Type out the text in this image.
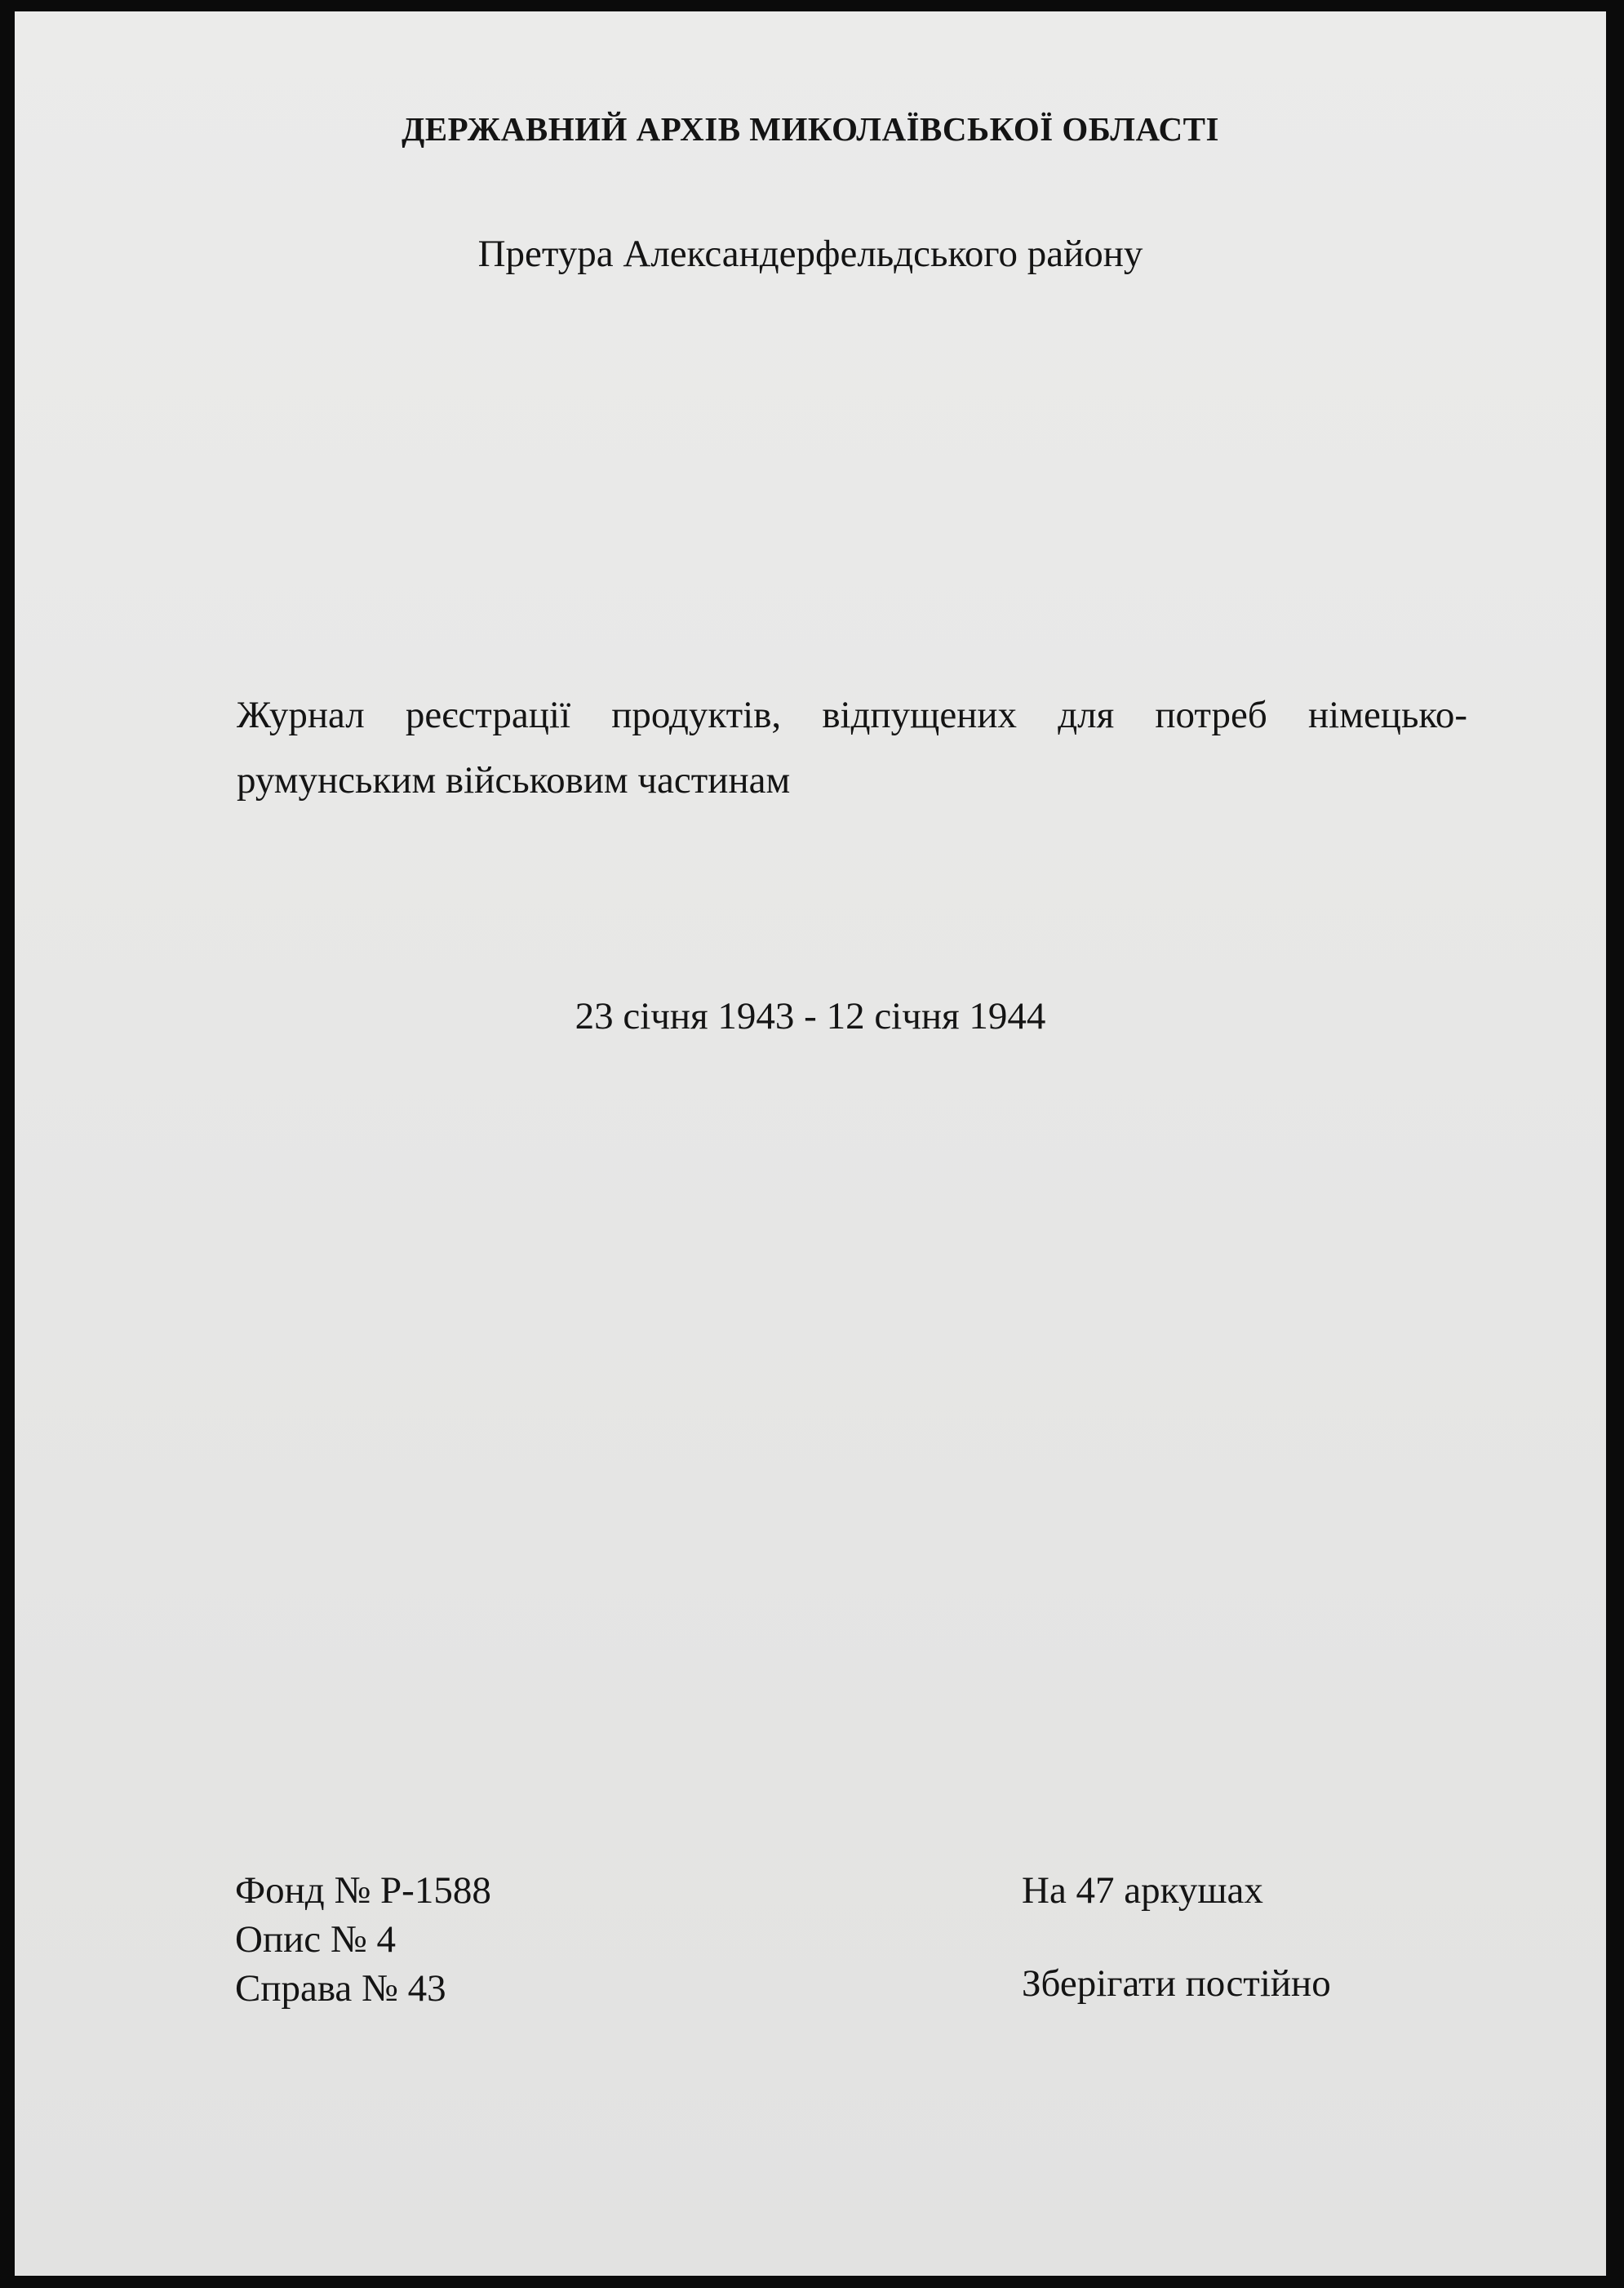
ДЕРЖАВНИЙ АРХІВ МИКОЛАЇВСЬКОЇ ОБЛАСТІ

Претура Александерфельдського району

Журнал реєстрації продуктів, відпущених для потреб німецько-румунським військовим частинам

23 січня 1943 - 12 січня 1944

Фонд № Р-1588
Опис № 4
Справа № 43
На 47 аркушах
Зберігати постійно
